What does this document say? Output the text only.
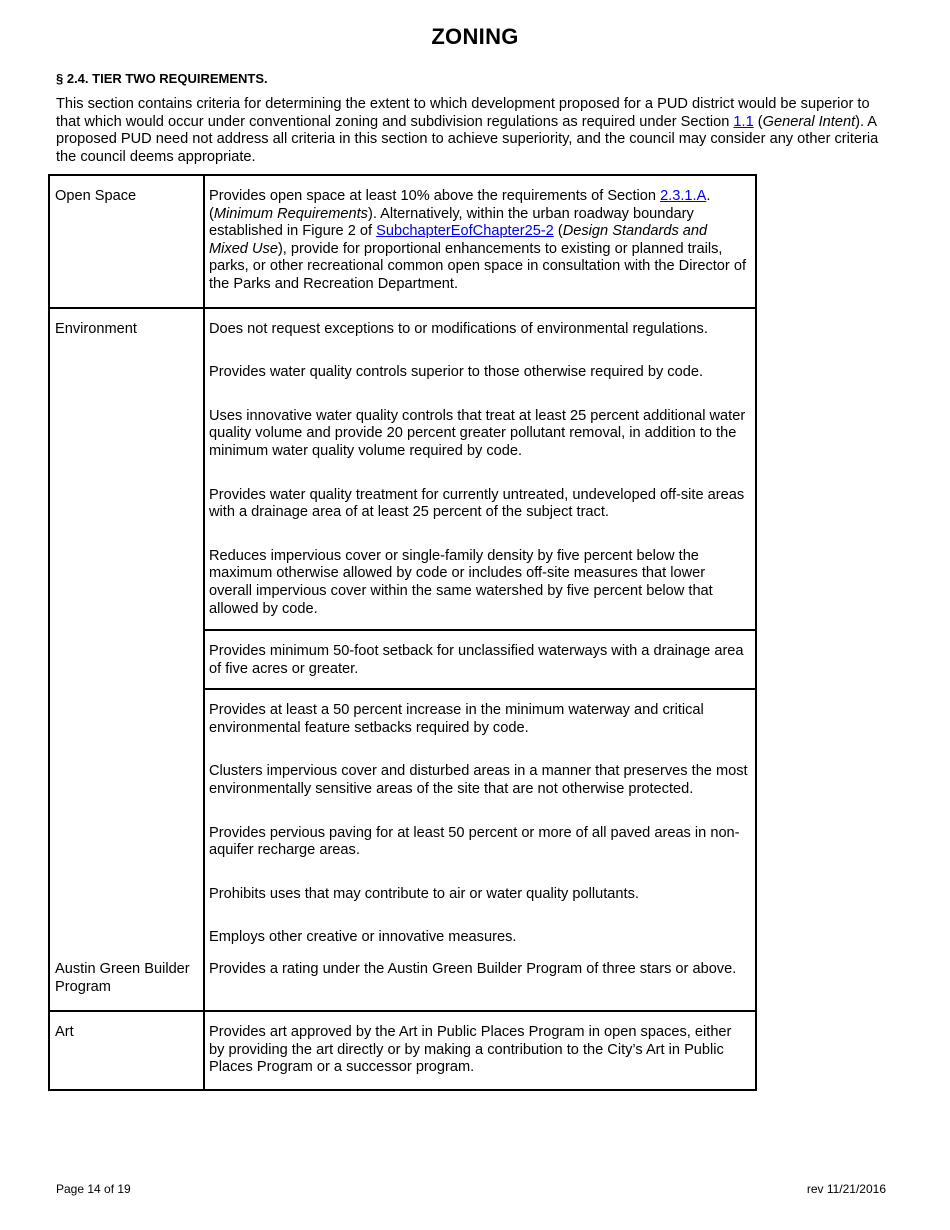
ZONING
§ 2.4. TIER TWO REQUIREMENTS.
This section contains criteria for determining the extent to which development proposed for a PUD district would be superior to that which would occur under conventional zoning and subdivision regulations as required under Section 1.1 (General Intent). A proposed PUD need not address all criteria in this section to achieve superiority, and the council may consider any other criteria the council deems appropriate.
Open Space	Provides open space at least 10% above the requirements of Section 2.3.1.A. (Minimum Requirements). Alternatively, within the urban roadway boundary established in Figure 2 of SubchapterEofChapter25-2 (Design Standards and Mixed Use), provide for proportional enhancements to existing or planned trails, parks, or other recreational common open space in consultation with the Director of the Parks and Recreation Department.

Environment	Does not request exceptions to or modifications of environmental regulations.

	Provides water quality controls superior to those otherwise required by code.

	Uses innovative water quality controls that treat at least 25 percent additional water quality volume and provide 20 percent greater pollutant removal, in addition to the minimum water quality volume required by code.

	Provides water quality treatment for currently untreated, undeveloped off-site areas with a drainage area of at least 25 percent of the subject tract.

	Reduces impervious cover or single-family density by five percent below the maximum otherwise allowed by code or includes off-site measures that lower overall impervious cover within the same watershed by five percent below that allowed by code.

	Provides minimum 50-foot setback for unclassified waterways with a drainage area of five acres or greater.

	Provides at least a 50 percent increase in the minimum waterway and critical environmental feature setbacks required by code.

	Clusters impervious cover and disturbed areas in a manner that preserves the most environmentally sensitive areas of the site that are not otherwise protected.

	Provides pervious paving for at least 50 percent or more of all paved areas in non-aquifer recharge areas.

	Prohibits uses that may contribute to air or water quality pollutants.

	Employs other creative or innovative measures.

Austin Green Builder Program	Provides a rating under the Austin Green Builder Program of three stars or above.

Art	Provides art approved by the Art in Public Places Program in open spaces, either by providing the art directly or by making a contribution to the City’s Art in Public Places Program or a successor program.
Page 14 of 19	rev 11/21/2016
